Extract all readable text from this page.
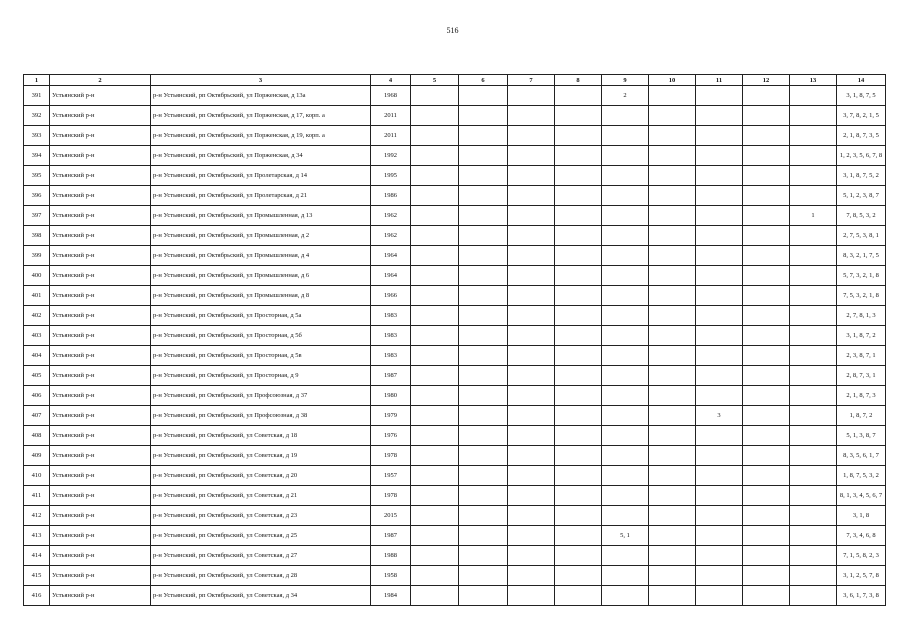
516
1	2	3	4	5	6	7	8	9	10	11	12	13	14
391	Устьянский р-н	р-н Устьянский, рп Октябрьский, ул Порженская, д 13а	1968					2					3, 1, 8, 7, 5
392	Устьянский р-н	р-н Устьянский, рп Октябрьский, ул Порженская, д 17, корп. а	2011										3, 7, 8, 2, 1, 5
393	Устьянский р-н	р-н Устьянский, рп Октябрьский, ул Порженская, д 19, корп. а	2011										2, 1, 8, 7, 3, 5
394	Устьянский р-н	р-н Устьянский, рп Октябрьский, ул Порженская, д 34	1992										1, 2, 3, 5, 6, 7, 8
395	Устьянский р-н	р-н Устьянский, рп Октябрьский, ул Пролетарская, д 14	1995										3, 1, 8, 7, 5, 2
396	Устьянский р-н	р-н Устьянский, рп Октябрьский, ул Пролетарская, д 21	1986										5, 1, 2, 3, 8, 7
397	Устьянский р-н	р-н Устьянский, рп Октябрьский, ул Промышленная, д 13	1962									1	7, 8, 5, 3, 2
398	Устьянский р-н	р-н Устьянский, рп Октябрьский, ул Промышленная, д 2	1962										2, 7, 5, 3, 8, 1
399	Устьянский р-н	р-н Устьянский, рп Октябрьский, ул Промышленная, д 4	1964										8, 3, 2, 1, 7, 5
400	Устьянский р-н	р-н Устьянский, рп Октябрьский, ул Промышленная, д 6	1964										5, 7, 3, 2, 1, 8
401	Устьянский р-н	р-н Устьянский, рп Октябрьский, ул Промышленная, д 8	1966										7, 5, 3, 2, 1, 8
402	Устьянский р-н	р-н Устьянский, рп Октябрьский, ул Просторная, д 5а	1983										2, 7, 8, 1, 3
403	Устьянский р-н	р-н Устьянский, рп Октябрьский, ул Просторная, д 5б	1983										3, 1, 8, 7, 2
404	Устьянский р-н	р-н Устьянский, рп Октябрьский, ул Просторная, д 5в	1983										2, 3, 8, 7, 1
405	Устьянский р-н	р-н Устьянский, рп Октябрьский, ул Просторная, д 9	1987										2, 8, 7, 3, 1
406	Устьянский р-н	р-н Устьянский, рп Октябрьский, ул Профсоюзная, д 37	1980										2, 1, 8, 7, 3
407	Устьянский р-н	р-н Устьянский, рп Октябрьский, ул Профсоюзная, д 38	1979							3			1, 8, 7, 2
408	Устьянский р-н	р-н Устьянский, рп Октябрьский, ул Советская, д 18	1976										5, 1, 3, 8, 7
409	Устьянский р-н	р-н Устьянский, рп Октябрьский, ул Советская, д 19	1978										8, 3, 5, 6, 1, 7
410	Устьянский р-н	р-н Устьянский, рп Октябрьский, ул Советская, д 20	1957										1, 8, 7, 5, 3, 2
411	Устьянский р-н	р-н Устьянский, рп Октябрьский, ул Советская, д 21	1978										8, 1, 3, 4, 5, 6, 7
412	Устьянский р-н	р-н Устьянский, рп Октябрьский, ул Советская, д 23	2015										3, 1, 8
413	Устьянский р-н	р-н Устьянский, рп Октябрьский, ул Советская, д 25	1987					5, 1					7, 3, 4, 6, 8
414	Устьянский р-н	р-н Устьянский, рп Октябрьский, ул Советская, д 27	1988										7, 1, 5, 8, 2, 3
415	Устьянский р-н	р-н Устьянский, рп Октябрьский, ул Советская, д 28	1958										3, 1, 2, 5, 7, 8
416	Устьянский р-н	р-н Устьянский, рп Октябрьский, ул Советская, д 34	1984										3, 6, 1, 7, 3, 8
